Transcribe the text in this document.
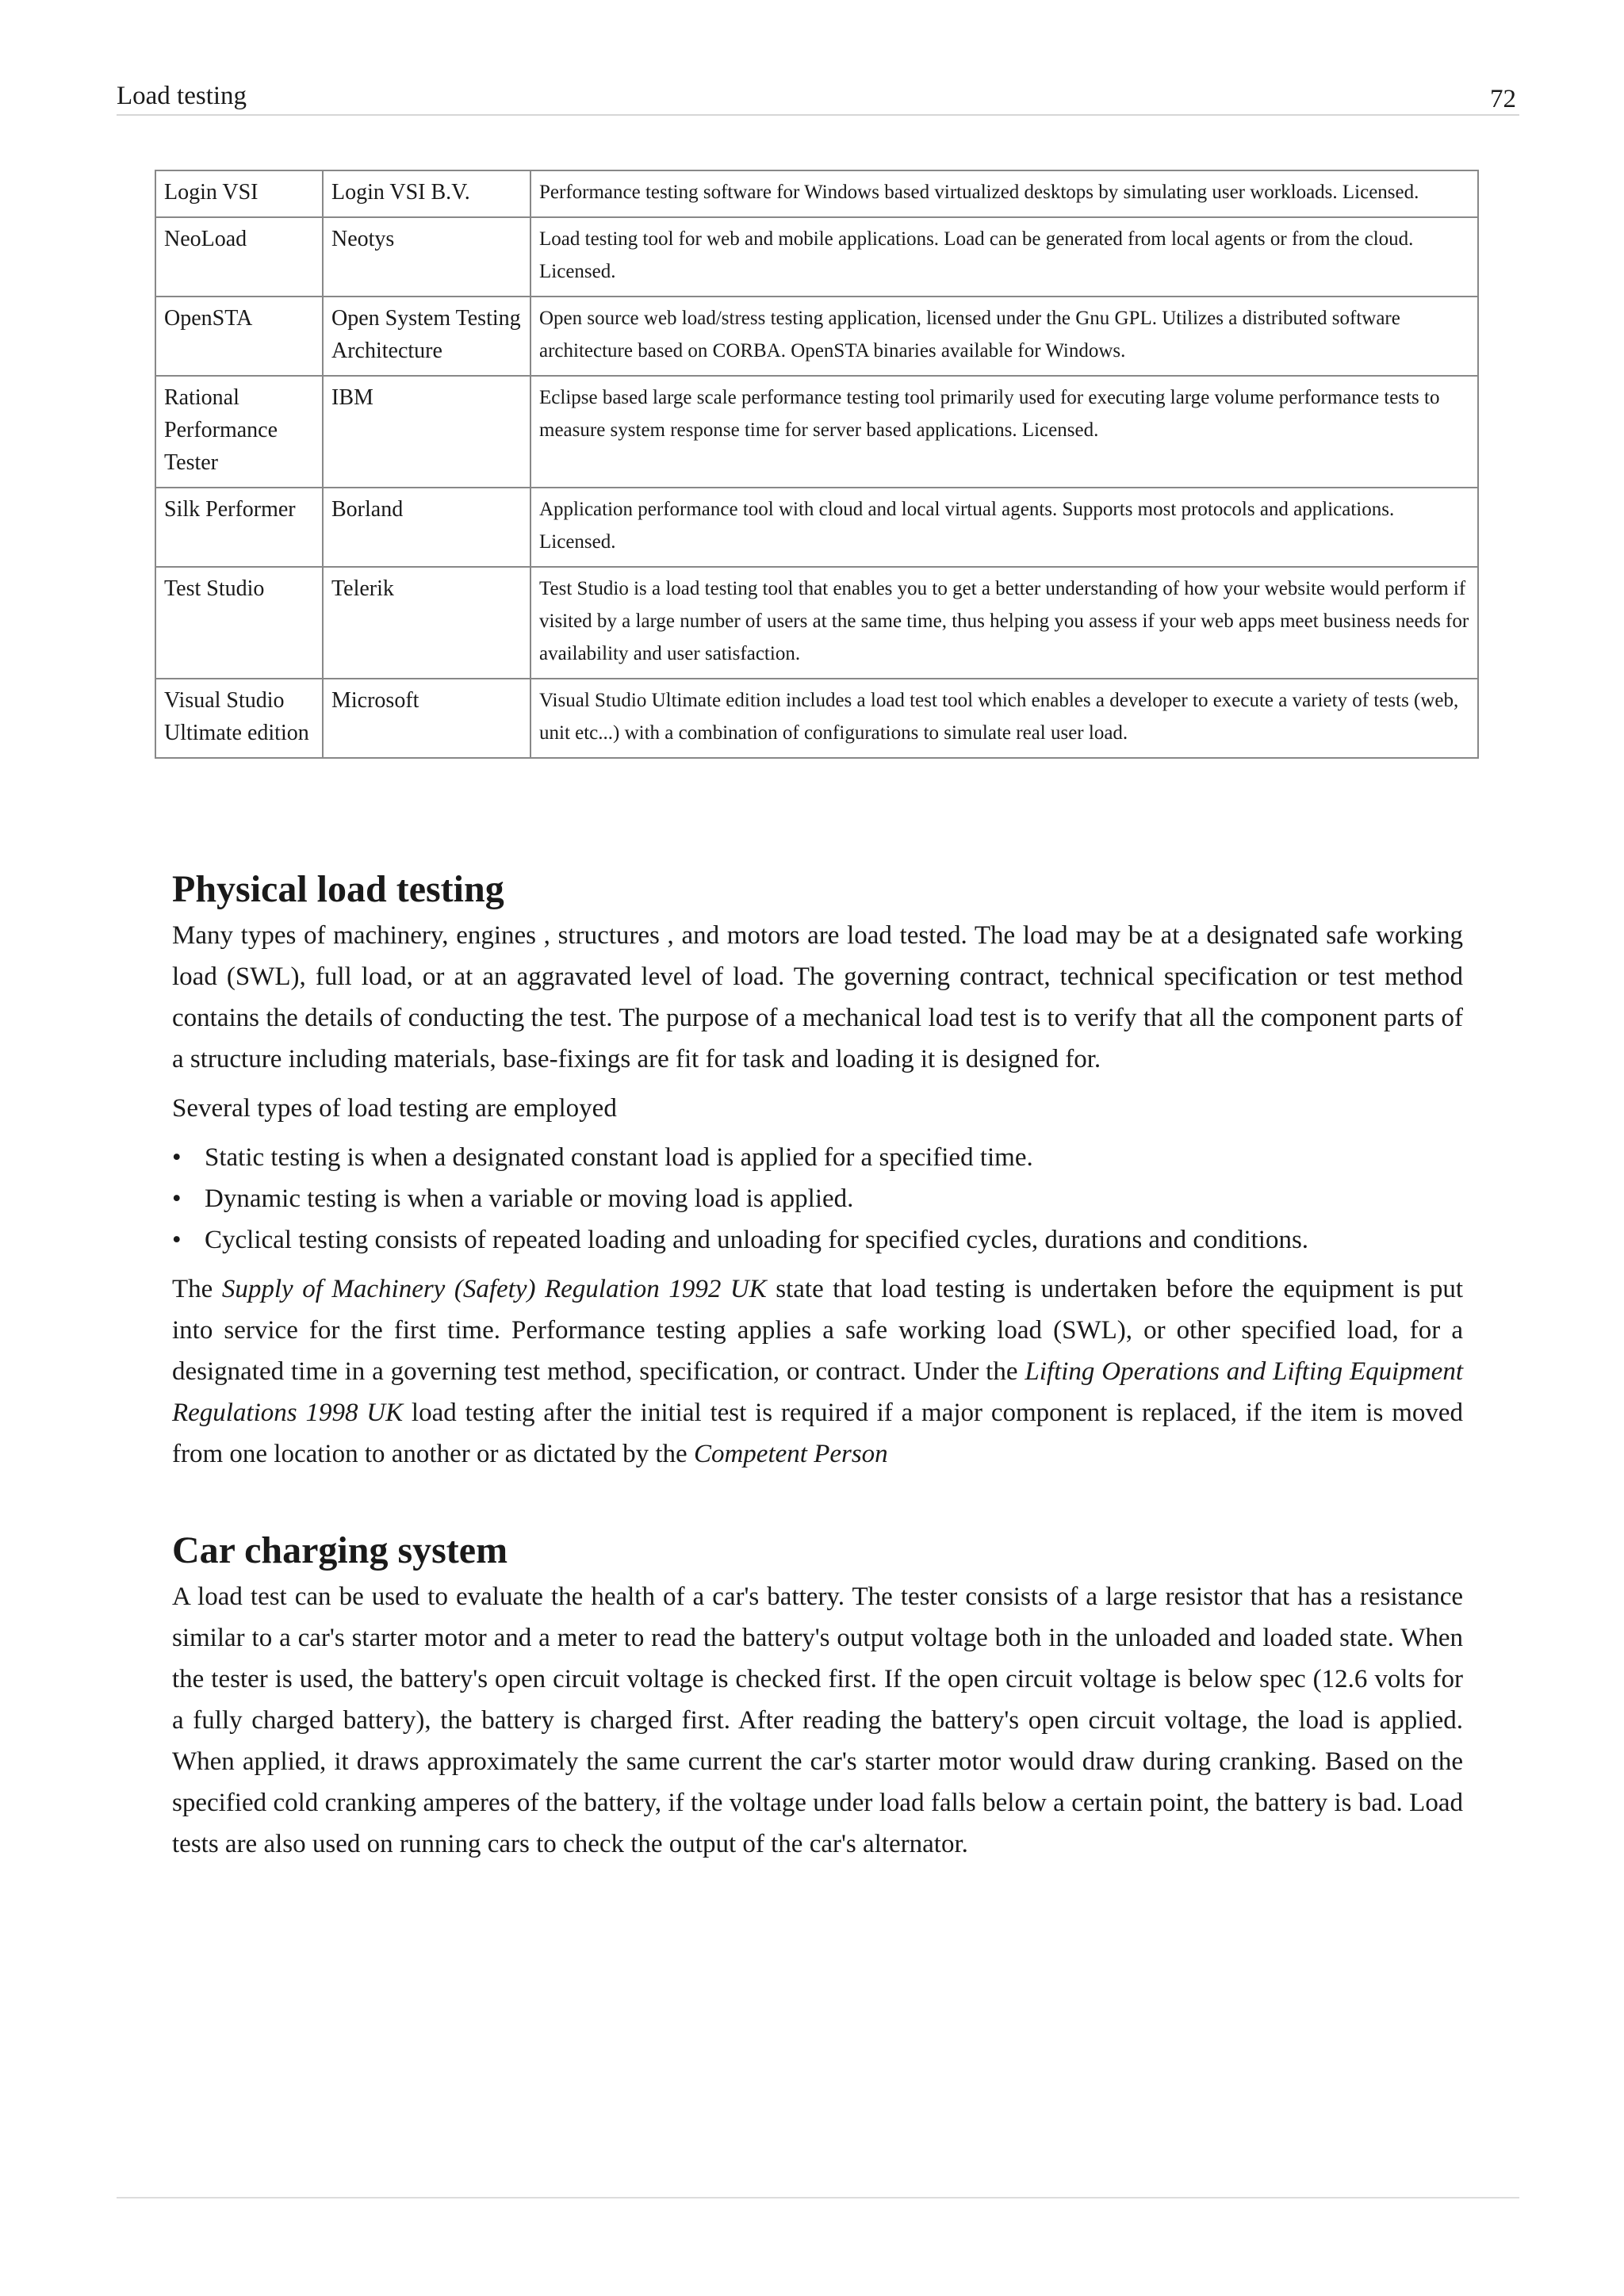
Load testing	72
Login VSI	Login VSI B.V.	Performance testing software for Windows based virtualized desktops by simulating user workloads. Licensed.
NeoLoad	Neotys	Load testing tool for web and mobile applications. Load can be generated from local agents or from the cloud. Licensed.
OpenSTA	Open System Testing Architecture	Open source web load/stress testing application, licensed under the Gnu GPL. Utilizes a distributed software architecture based on CORBA. OpenSTA binaries available for Windows.
Rational Performance Tester	IBM	Eclipse based large scale performance testing tool primarily used for executing large volume performance tests to measure system response time for server based applications. Licensed.
Silk Performer	Borland	Application performance tool with cloud and local virtual agents. Supports most protocols and applications. Licensed.
Test Studio	Telerik	Test Studio is a load testing tool that enables you to get a better understanding of how your website would perform if visited by a large number of users at the same time, thus helping you assess if your web apps meet business needs for availability and user satisfaction.
Visual Studio Ultimate edition	Microsoft	Visual Studio Ultimate edition includes a load test tool which enables a developer to execute a variety of tests (web, unit etc...) with a combination of configurations to simulate real user load.
Physical load testing

Many types of machinery, engines , structures , and motors are load tested. The load may be at a designated safe working load (SWL), full load, or at an aggravated level of load. The governing contract, technical specification or test method contains the details of conducting the test. The purpose of a mechanical load test is to verify that all the component parts of a structure including materials, base-fixings are fit for task and loading it is designed for.

Several types of load testing are employed

• Static testing is when a designated constant load is applied for a specified time.
• Dynamic testing is when a variable or moving load is applied.
• Cyclical testing consists of repeated loading and unloading for specified cycles, durations and conditions.

The Supply of Machinery (Safety) Regulation 1992 UK state that load testing is undertaken before the equipment is put into service for the first time. Performance testing applies a safe working load (SWL), or other specified load, for a designated time in a governing test method, specification, or contract. Under the Lifting Operations and Lifting Equipment Regulations 1998 UK load testing after the initial test is required if a major component is replaced, if the item is moved from one location to another or as dictated by the Competent Person

Car charging system

A load test can be used to evaluate the health of a car's battery. The tester consists of a large resistor that has a resistance similar to a car's starter motor and a meter to read the battery's output voltage both in the unloaded and loaded state. When the tester is used, the battery's open circuit voltage is checked first. If the open circuit voltage is below spec (12.6 volts for a fully charged battery), the battery is charged first. After reading the battery's open circuit voltage, the load is applied. When applied, it draws approximately the same current the car's starter motor would draw during cranking. Based on the specified cold cranking amperes of the battery, if the voltage under load falls below a certain point, the battery is bad. Load tests are also used on running cars to check the output of the car's alternator.
